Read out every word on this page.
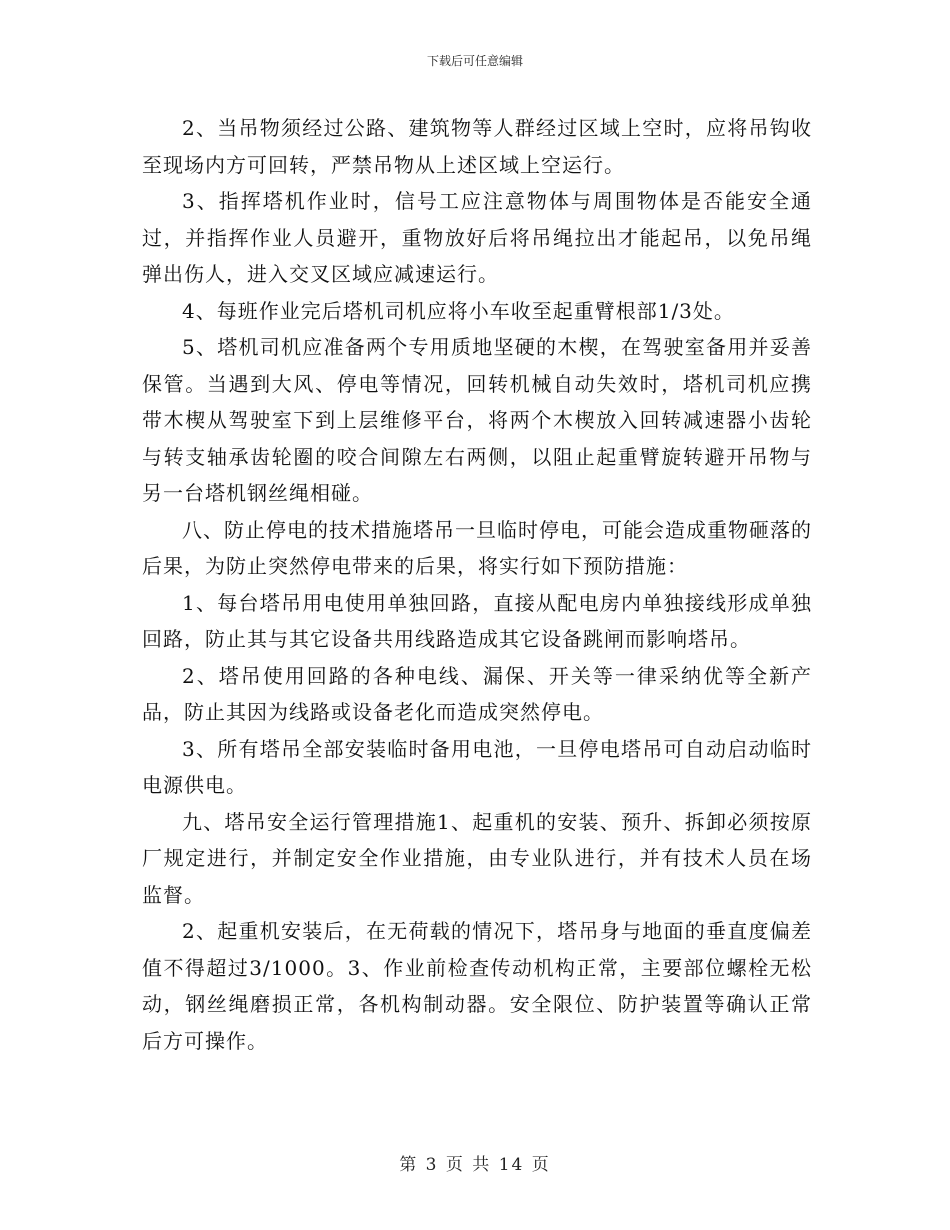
下载后可任意编辑

2、当吊物须经过公路、建筑物等人群经过区域上空时，应将吊钩收至现场内方可回转，严禁吊物从上述区域上空运行。

3、指挥塔机作业时，信号工应注意物体与周围物体是否能安全通过，并指挥作业人员避开，重物放好后将吊绳拉出才能起吊，以免吊绳弹出伤人，进入交叉区域应减速运行。

4、每班作业完后塔机司机应将小车收至起重臂根部1/3处。

5、塔机司机应准备两个专用质地坚硬的木楔，在驾驶室备用并妥善保管。当遇到大风、停电等情况，回转机械自动失效时，塔机司机应携带木楔从驾驶室下到上层维修平台，将两个木楔放入回转减速器小齿轮与转支轴承齿轮圈的咬合间隙左右两侧，以阻止起重臂旋转避开吊物与另一台塔机钢丝绳相碰。

八、防止停电的技术措施塔吊一旦临时停电，可能会造成重物砸落的后果，为防止突然停电带来的后果，将实行如下预防措施：

1、每台塔吊用电使用单独回路，直接从配电房内单独接线形成单独回路，防止其与其它设备共用线路造成其它设备跳闸而影响塔吊。

2、塔吊使用回路的各种电线、漏保、开关等一律采纳优等全新产品，防止其因为线路或设备老化而造成突然停电。

3、所有塔吊全部安装临时备用电池，一旦停电塔吊可自动启动临时电源供电。

九、塔吊安全运行管理措施1、起重机的安装、预升、拆卸必须按原厂规定进行，并制定安全作业措施，由专业队进行，并有技术人员在场监督。

2、起重机安装后，在无荷载的情况下，塔吊身与地面的垂直度偏差值不得超过3/1000。3、作业前检查传动机构正常，主要部位螺栓无松动，钢丝绳磨损正常，各机构制动器。安全限位、防护装置等确认正常后方可操作。

第 3 页 共 14 页
